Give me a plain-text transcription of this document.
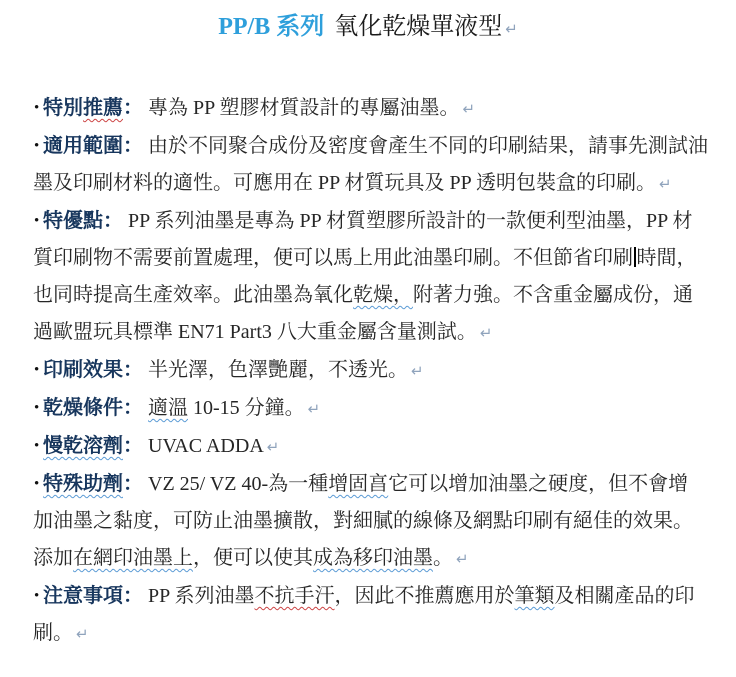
PP/B 系列 氧化乾燥單液型 ↵
• 特別推薦： 專為 PP 塑膠材質設計的專屬油墨。 ↵
• 適用範圍： 由於不同聚合成份及密度會產生不同的印刷結果，請事先測試油墨及印刷材料的適性。可應用在 PP 材質玩具及 PP 透明包裝盒的印刷。 ↵
• 特優點： PP 系列油墨是專為 PP 材質塑膠所設計的一款便利型油墨，PP 材質印刷物不需要前置處理，便可以馬上用此油墨印刷。不但節省印刷 時間，也同時提高生產效率。此油墨為氧化乾燥，附著力強。不含重金屬成份，通過歐盟玩具標準 EN71 Part3 八大重金屬含量測試。 ↵
• 印刷效果： 半光澤，色澤艷麗，不透光。 ↵
• 乾燥條件： 適溫 10-15 分鐘。 ↵
• 慢乾溶劑： UVAC ADDA ↵
• 特殊助劑： VZ 25/ VZ 40-為一種增固亯它可以增加油墨之硬度，但不會增加油墨之黏度，可防止油墨擴散，對細膩的線條及網點印刷有絕佳的效果。添加在網印油墨上，便可以使其成為移印油墨。 ↵
• 注意事項： PP 系列油墨不抗手汗，因此不推薦應用於筆類及相關產品的印刷。 ↵
